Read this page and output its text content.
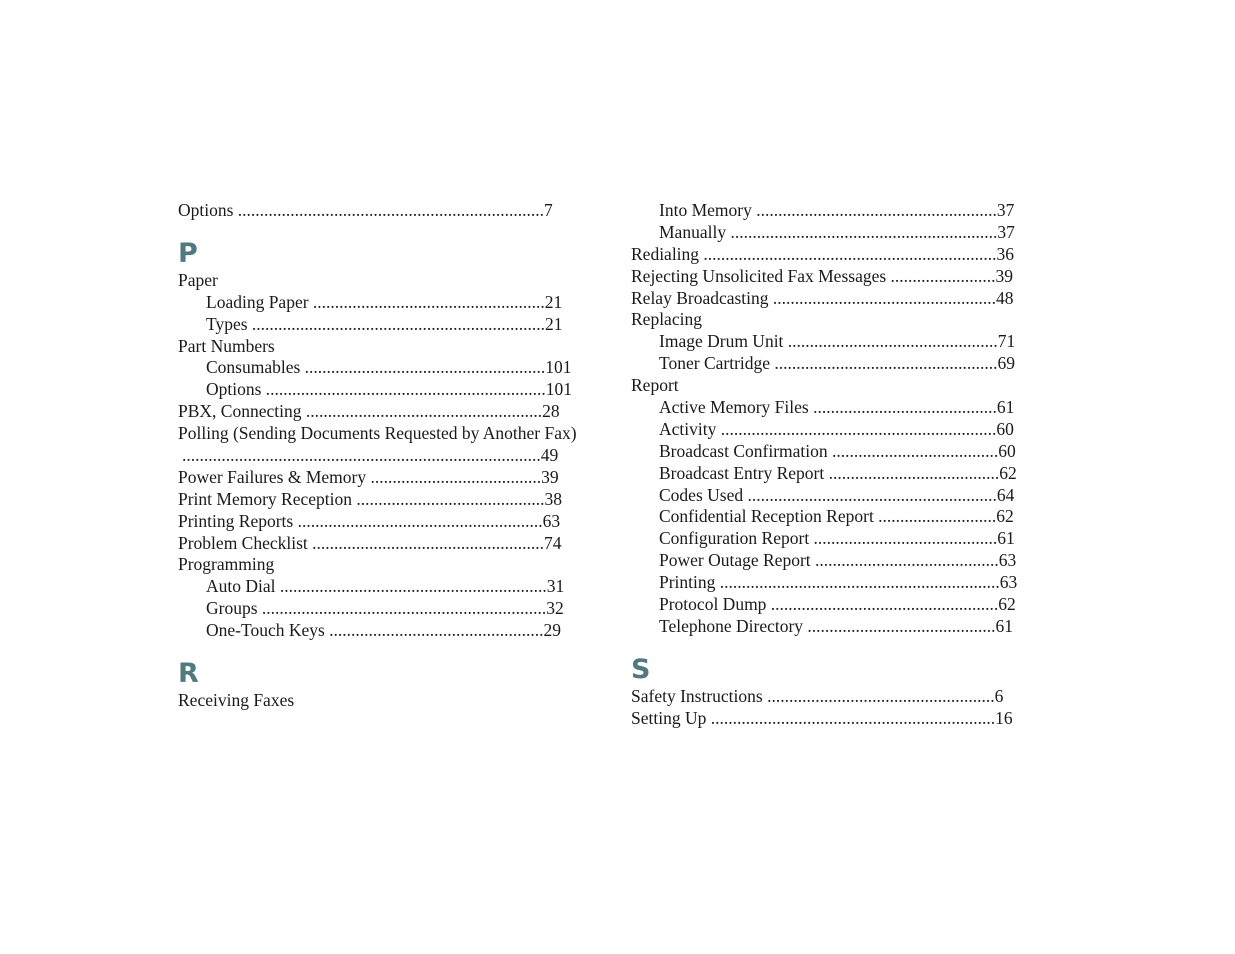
Options ......................................................................7
P
Paper
Loading Paper .....................................................21
Types ...................................................................21
Part Numbers
Consumables .......................................................101
Options ................................................................101
PBX, Connecting ......................................................28
Polling (Sending Documents Requested by Another Fax)
..................................................................................49
Power Failures & Memory .......................................39
Print Memory Reception ...........................................38
Printing Reports ........................................................63
Problem Checklist .....................................................74
Programming
Auto Dial .............................................................31
Groups .................................................................32
One-Touch Keys .................................................29
R
Receiving Faxes
Into Memory .......................................................37
Manually .............................................................37
Redialing ...................................................................36
Rejecting Unsolicited Fax Messages ........................39
Relay Broadcasting ...................................................48
Replacing
Image Drum Unit ................................................71
Toner Cartridge ...................................................69
Report
Active Memory Files ..........................................61
Activity ...............................................................60
Broadcast Confirmation ......................................60
Broadcast Entry Report .......................................62
Codes Used .........................................................64
Confidential Reception Report ...........................62
Configuration Report ..........................................61
Power Outage Report ..........................................63
Printing ................................................................63
Protocol Dump ....................................................62
Telephone Directory ...........................................61
S
Safety Instructions ....................................................6
Setting Up .................................................................16
